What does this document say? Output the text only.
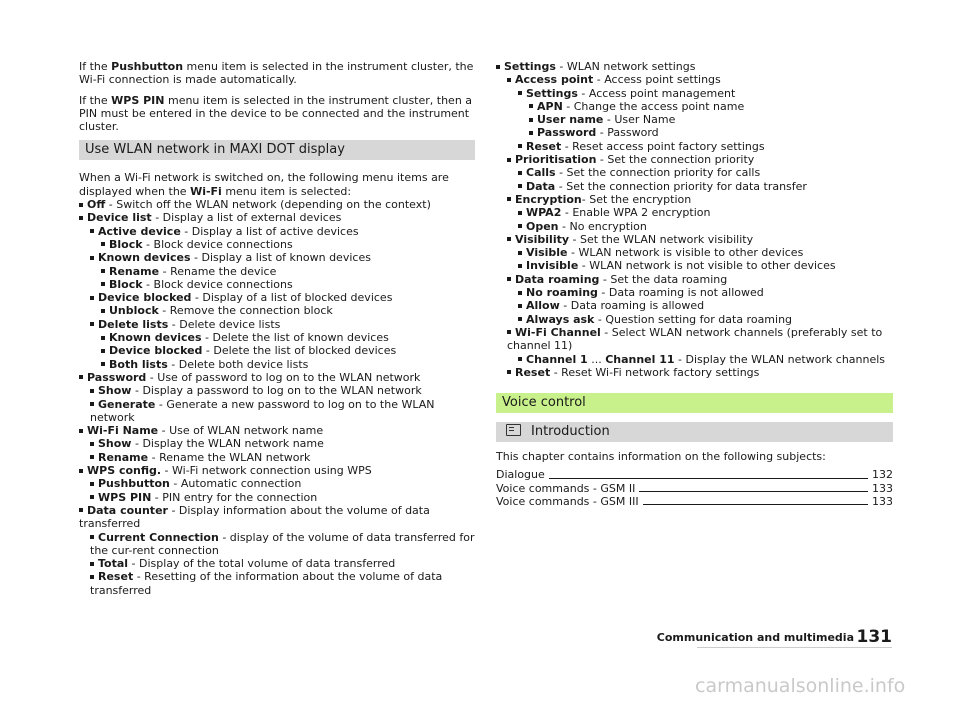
If the Pushbutton menu item is selected in the instrument cluster, the Wi-Fi connection is made automatically.

If the WPS PIN menu item is selected in the instrument cluster, then a PIN must be entered in the device to be connected and the instrument cluster.

Use WLAN network in MAXI DOT display
When a Wi-Fi network is switched on, the following menu items are displayed when the Wi-Fi menu item is selected:
Off - Switch off the WLAN network (depending on the context)
Device list - Display a list of external devices
Active device - Display a list of active devices
Block - Block device connections
Known devices - Display a list of known devices
Rename - Rename the device
Block - Block device connections
Device blocked - Display of a list of blocked devices
Unblock - Remove the connection block
Delete lists - Delete device lists
Known devices - Delete the list of known devices
Device blocked - Delete the list of blocked devices
Both lists - Delete both device lists
Password - Use of password to log on to the WLAN network
Show - Display a password to log on to the WLAN network
Generate - Generate a new password to log on to the WLAN network
Wi-Fi Name - Use of WLAN network name
Show - Display the WLAN network name
Rename - Rename the WLAN network
WPS config. - Wi-Fi network connection using WPS
Pushbutton - Automatic connection
WPS PIN - PIN entry for the connection
Data counter - Display information about the volume of data transferred
Current Connection - display of the volume of data transferred for the cur-rent connection
Total - Display of the total volume of data transferred
Reset - Resetting of the information about the volume of data transferred
Settings - WLAN network settings
Access point - Access point settings
Settings - Access point management
APN - Change the access point name
User name - User Name
Password - Password
Reset - Reset access point factory settings
Prioritisation - Set the connection priority
Calls - Set the connection priority for calls
Data - Set the connection priority for data transfer
Encryption- Set the encryption
WPA2 - Enable WPA 2 encryption
Open - No encryption
Visibility - Set the WLAN network visibility
Visible - WLAN network is visible to other devices
Invisible - WLAN network is not visible to other devices
Data roaming - Set the data roaming
No roaming - Data roaming is not allowed
Allow - Data roaming is allowed
Always ask - Question setting for data roaming
Wi-Fi Channel - Select WLAN network channels (preferably set to channel 11)
Channel 1 ... Channel 11 - Display the WLAN network channels
Reset - Reset Wi-Fi network factory settings
Voice control
Introduction

This chapter contains information on the following subjects:

Dialogue	132
Voice commands - GSM II	133
Voice commands - GSM III	133
Communication and multimedia 131
carmanualsonline.info
